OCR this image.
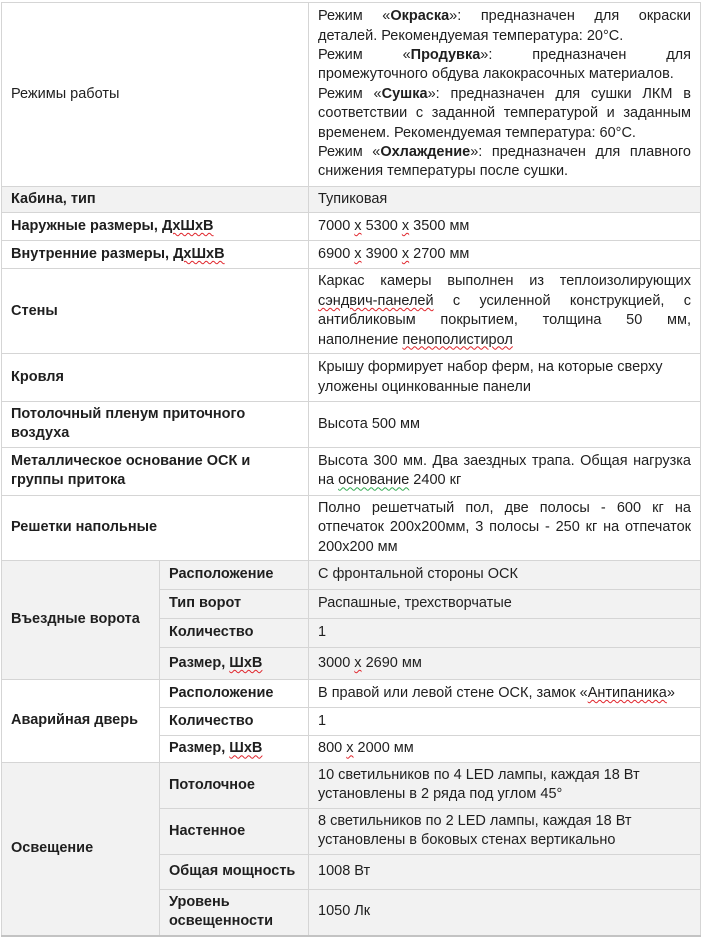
Режимы работы		Режим «Окраска»: предназначен для окраски деталей. Рекомендуемая температура: 20°С.

Режим «Продувка»: предназначен для промежуточного обдува лакокрасочных материалов.

Режим «Сушка»: предназначен для сушки ЛКМ в соответствии с заданной температурой и заданным временем. Рекомендуемая температура: 60°С.

Режим «Охлаждение»: предназначен для плавного снижения температуры после сушки.

Кабина, тип		Тупиковая
Наружные размеры, ДхШхВ		7000 x 5300 x 3500 мм
Внутренние размеры, ДхШхВ		6900 x 3900 x 2700 мм
Стены		Каркас камеры выполнен из теплоизолирующих сэндвич-панелей с усиленной конструкцией, с антибликовым покрытием, толщина 50 мм, наполнение пенополистирол
Кровля		Крышу формирует набор ферм, на которые сверху уложены оцинкованные панели
Потолочный пленум приточного воздуха		Высота 500 мм
Металлическое основание ОСК и группы притока		Высота 300 мм. Два заездных трапа. Общая нагрузка на основание 2400 кг
Решетки напольные		Полно решетчатый пол, две полосы - 600 кг на отпечаток 200х200мм, 3 полосы - 250 кг на отпечаток 200х200 мм
Въездные ворота	Расположение	С фронтальной стороны ОСК
	Тип ворот	Распашные, трехстворчатые
	Количество	1
	Размер, ШхВ	3000 x 2690 мм
Аварийная дверь	Расположение	В правой или левой стене ОСК, замок «Антипаника»
	Количество	1
	Размер, ШхВ	800 x 2000 мм
Освещение	Потолочное	10 светильников по 4 LED лампы, каждая 18 Вт установлены в 2 ряда под углом 45°
	Настенное	8 светильников по 2 LED лампы, каждая 18 Вт установлены в боковых стенах вертикально
	Общая мощность	1008 Вт
	Уровень освещенности	1050 Лк
